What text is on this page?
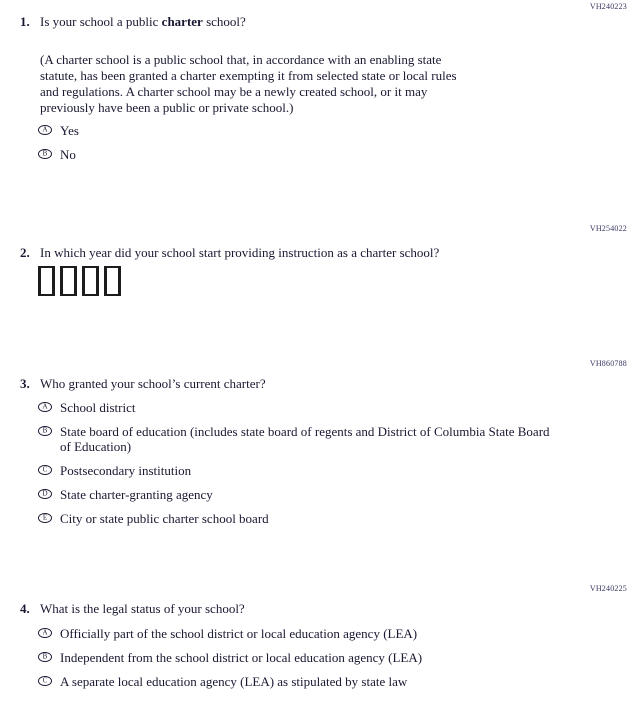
VH240223
1. Is your school a public charter school?
(A charter school is a public school that, in accordance with an enabling state
statute, has been granted a charter exempting it from selected state or local rules
and regulations. A charter school may be a newly created school, or it may
previously have been a public or private school.)
A Yes
B No
VH254022
2. In which year did your school start providing instruction as a charter school?
VH860788
3. Who granted your school’s current charter?
A School district
B State board of education (includes state board of regents and District of Columbia State Board
of Education)
C Postsecondary institution
D State charter-granting agency
E City or state public charter school board
VH240225
4. What is the legal status of your school?
A Officially part of the school district or local education agency (LEA)
B Independent from the school district or local education agency (LEA)
C A separate local education agency (LEA) as stipulated by state law
